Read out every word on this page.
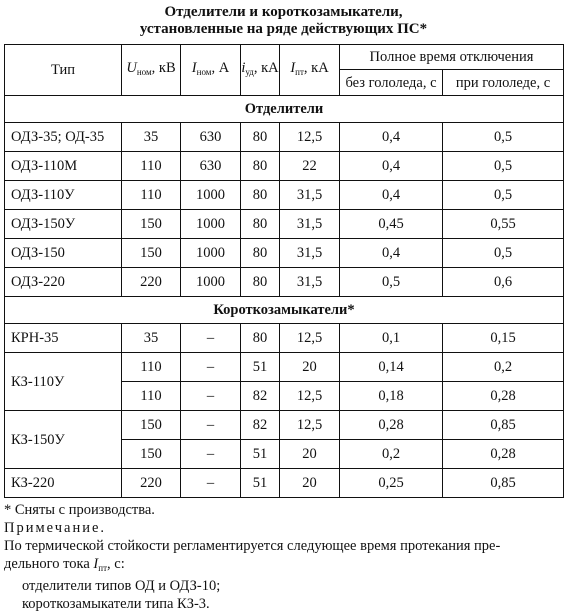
Отделители и короткозамыкатели,
установленные на ряде действующих ПС*
Тип	$U_{ном}$, кВ	$I_{ном}$, А	$i_{уд}$, кА	$I_{пт}$, кА	Полное время отключения	
					без гололеда, с	при гололеде, с
Отделители						
ОДЗ-35; ОД-35	35	630	80	12,5	0,4	0,5
ОДЗ-110М	110	630	80	22	0,4	0,5
ОДЗ-110У	110	1000	80	31,5	0,4	0,5
ОДЗ-150У	150	1000	80	31,5	0,45	0,55
ОДЗ-150	150	1000	80	31,5	0,4	0,5
ОДЗ-220	220	1000	80	31,5	0,5	0,6
Короткозамыкатели*						
КРН-35	35	–	80	12,5	0,1	0,15
КЗ-110У	110	–	51	20	0,14	0,2
	110	–	82	12,5	0,18	0,28
КЗ-150У	150	–	82	12,5	0,28	0,85
	150	–	51	20	0,2	0,28
КЗ-220	220	–	51	20	0,25	0,85
* Сняты с производства.
Примечание.
По термической стойкости регламентируется следующее время протекания пре-
дельного тока $I_{пт}$, с:
отделители типов ОД и ОДЗ-10;
короткозамыкатели типа КЗ-3.
